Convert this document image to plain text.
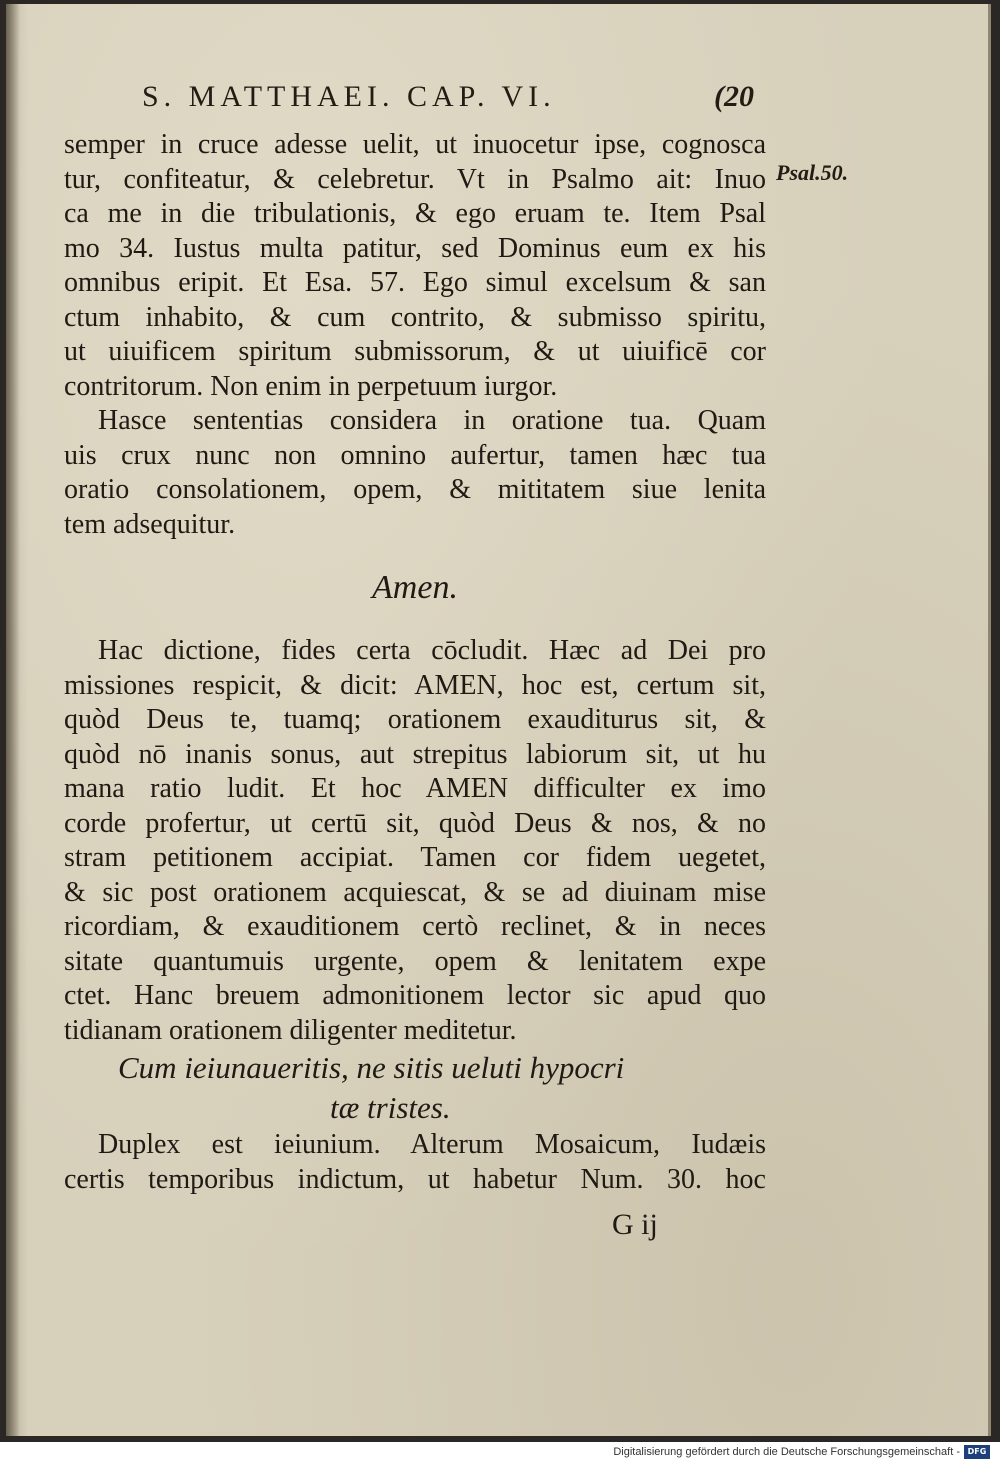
S. MATTHAEI. CAP. VI.	(20
Psal.50.
semper in cruce adesse uelit, ut inuocetur ipse, cognosca
tur, confiteatur, & celebretur. Vt in Psalmo ait: Inuo
ca me in die tribulationis, & ego eruam te. Item Psal
mo 34. Iustus multa patitur, sed Dominus eum ex his
omnibus eripit. Et Esa. 57. Ego simul excelsum & san
ctum inhabito, & cum contrito, & submisso spiritu,
ut uiuificem spiritum submissorum, & ut uiuificē cor
contritorum. Non enim in perpetuum iurgor.
Hasce sententias considera in oratione tua. Quam
uis crux nunc non omnino aufertur, tamen hæc tua
oratio consolationem, opem, & mititatem siue lenita
tem adsequitur.
Amen.
Hac dictione, fides certa cōcludit. Hæc ad Dei pro
missiones respicit, & dicit: AMEN, hoc est, certum sit,
quòd Deus te, tuamq; orationem exauditurus sit, &
quòd nō inanis sonus, aut strepitus labiorum sit, ut hu
mana ratio ludit. Et hoc AMEN difficulter ex imo
corde profertur, ut certū sit, quòd Deus & nos, & no
stram petitionem accipiat. Tamen cor fidem uegetet,
& sic post orationem acquiescat, & se ad diuinam mise
ricordiam, & exauditionem certò reclinet, & in neces
sitate quantumuis urgente, opem & lenitatem expe
ctet. Hanc breuem admonitionem lector sic apud quo
tidianam orationem diligenter meditetur.
Cum ieiunaueritis, ne sitis ueluti hypocri
tæ tristes.
Duplex est ieiunium. Alterum Mosaicum, Iudæis
certis temporibus indictum, ut habetur Num. 30. hoc
G ij
Digitalisierung gefördert durch die Deutsche Forschungsgemeinschaft - DFG
